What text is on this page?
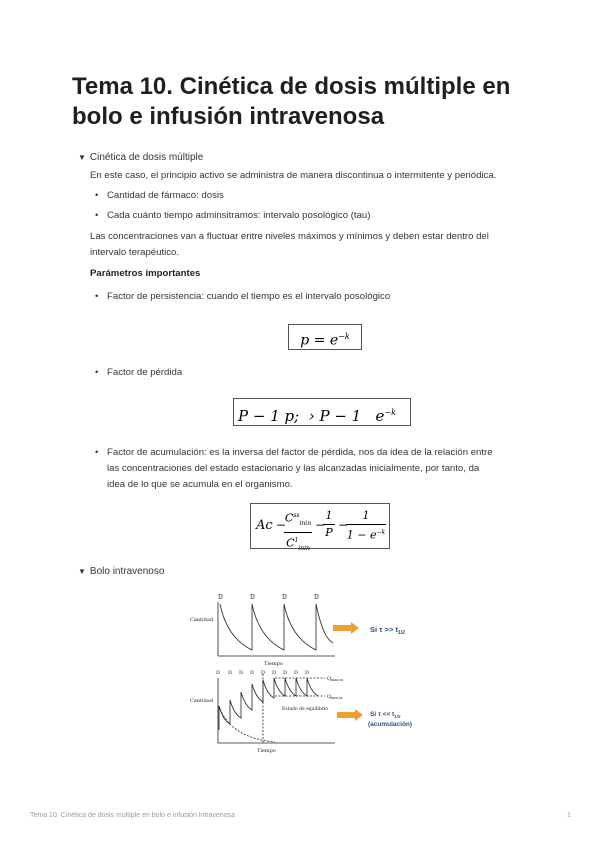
Tema 10. Cinética de dosis múltiple en bolo e infusión intravenosa
▼ Cinética de dosis múltiple
En este caso, el principio activo se administra de manera discontinua o intermitente y periódica.
• Cantidad de fármaco: dosis
• Cada cuánto tiempo adminsitramos: intervalo posológico (tau)
Las concentraciones van a fluctuar entre niveles máximos y mínimos y deben estar dentro del
intervalo terapéutico.
Parámetros importantes
• Factor de persistencia: cuando el tiempo es el intervalo posológico
$p = e^{-k}$
• Factor de pérdida
P − 1 p; › P − 1 $e^{-k}$
• Factor de acumulación: es la inversa del factor de pérdida, nos da idea de la relación entre
las concentraciones del estado estacionario y las alcanzadas inicialmente, por tanto, da
idea de lo que se acumula en el organismo.
Ac −
$C^{ss}_{inin}$
$C^1_{inin}$
−
1
P
−
1
$1 - e^{-k}$
▼ Bolo intravenoso
D	D	D	D
Cantidad
Tiempo
D D D D D D D D D
Cantidad
Tiempo
Estado de equilibrio
$Q_{max,ss}$
$Q_{min,ss}$
Si $\tau >> t_{1/2}$
Si $\tau << t_{1/2}$
(acumulación)
Tema 10. Cinética de dosis múltiple en bolo e infusión intravenosa	1
